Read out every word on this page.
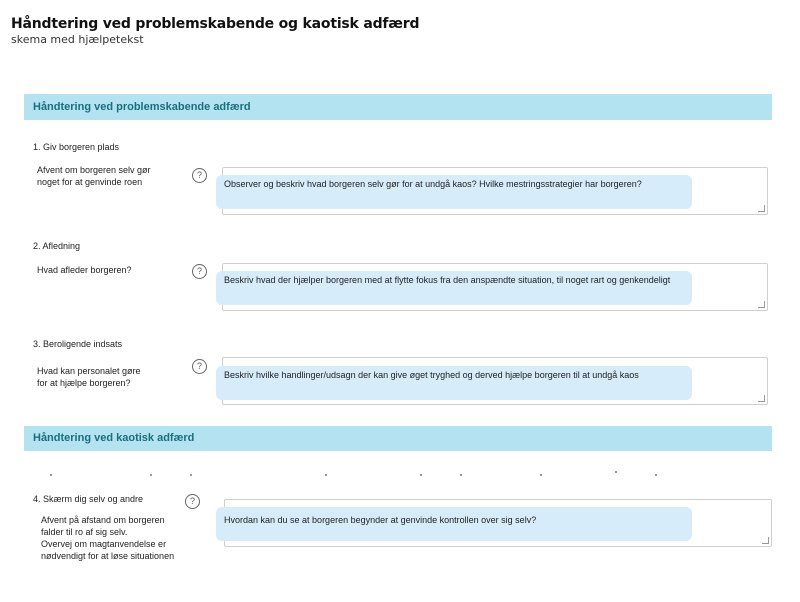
Håndtering ved problemskabende og kaotisk adfærd
skema med hjælpetekst
Håndtering ved problemskabende adfærd
1. Giv borgeren plads
Afvent om borgeren selv gør
noget for at genvinde roen
?
Observer og beskriv hvad borgeren selv gør for at undgå kaos? Hvilke mestringsstrategier har borgeren?
2. Afledning
Hvad afleder borgeren?	?
Beskriv hvad der hjælper borgeren med at flytte fokus fra den anspændte situation, til noget rart og genkendeligt
3. Beroligende indsats
Hvad kan personalet gøre
for at hjælpe borgeren?
?
Beskriv hvilke handlinger/udsagn der kan give øget tryghed og derved hjælpe borgeren til at undgå kaos
Håndtering ved kaotisk adfærd
4. Skærm dig selv og andre
Afvent på afstand om borgeren
falder til ro af sig selv.
Overvej om magtanvendelse er
nødvendigt for at løse situationen
?
Hvordan kan du se at borgeren begynder at genvinde kontrollen over sig selv?
